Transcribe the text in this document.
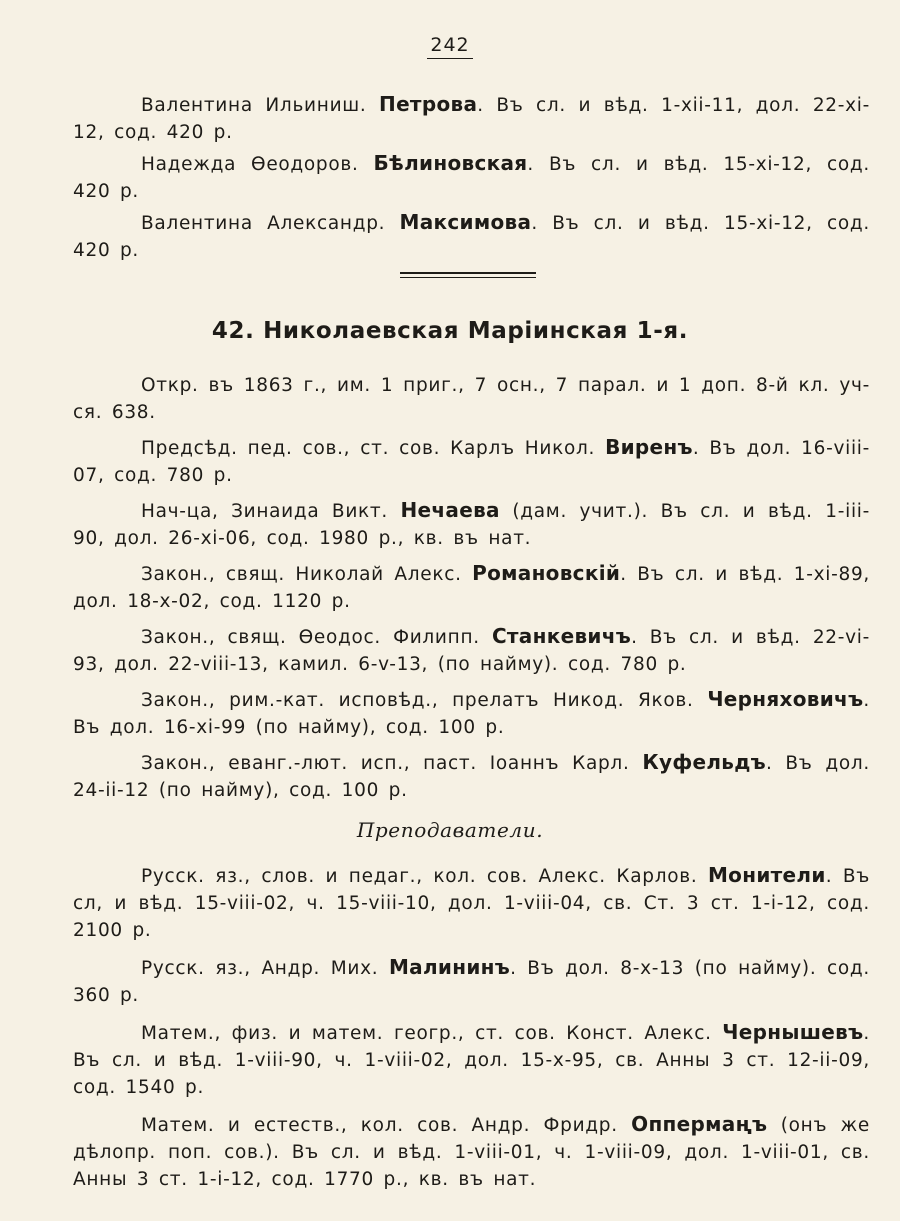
242

Валентина Ильиниш. Петрова. Въ сл. и вѣд. 1-xii-11, дол. 22-xi-12, сод. 420 р.

Надежда Ѳеодоров. Бѣлиновская. Въ сл. и вѣд. 15-xi-12, сод. 420 р.

Валентина Александр. Максимова. Въ сл. и вѣд. 15-xi-12, сод. 420 р.

42. Николаевская Маріинская 1-я.

Откр. въ 1863 г., им. 1 приг., 7 осн., 7 парал. и 1 доп. 8-й кл. уч-ся. 638.

Предсѣд. пед. сов., ст. сов. Карлъ Никол. Виренъ. Въ дол. 16-viii-07, сод. 780 р.

Нач-ца, Зинаида Викт. Нечаева (дам. учит.). Въ сл. и вѣд. 1-iii-90, дол. 26-xi-06, сод. 1980 р., кв. въ нат.

Закон., свящ. Николай Алекс. Романовскій. Въ сл. и вѣд. 1-xi-89, дол. 18-x-02, сод. 1120 р.

Закон., свящ. Ѳеодос. Филипп. Станкевичъ. Въ сл. и вѣд. 22-vi-93, дол. 22-viii-13, камил. 6-v-13, (по найму). сод. 780 р.

Закон., рим.-кат. исповѣд., прелатъ Никод. Яков. Черняховичъ. Въ дол. 16-xi-99 (по найму), сод. 100 р.

Закон., еванг.-лют. исп., паст. Іоаннъ Карл. Куфельдъ. Въ дол. 24-ii-12 (по найму), сод. 100 р.

Преподаватели.

Русск. яз., слов. и педаг., кол. сов. Алекс. Карлов. Монители. Въ сл, и вѣд. 15-viii-02, ч. 15-viii-10, дол. 1-viii-04, св. Ст. 3 ст. 1-i-12, сод. 2100 р.

Русск. яз., Андр. Мих. Малининъ. Въ дол. 8-x-13 (по найму). сод. 360 р.

Матем., физ. и матем. геогр., ст. сов. Конст. Алекс. Чернышевъ. Въ сл. и вѣд. 1-viii-90, ч. 1-viii-02, дол. 15-x-95, св. Анны 3 ст. 12-ii-09, сод. 1540 р.

Матем. и естеств., кол. сов. Андр. Фридр. Оппермаңъ (онъ же дѣлопр. поп. сов.). Въ сл. и вѣд. 1-viii-01, ч. 1-viii-09, дол. 1-viii-01, св. Анны 3 ст. 1-i-12, сод. 1770 р., кв. въ нат.
